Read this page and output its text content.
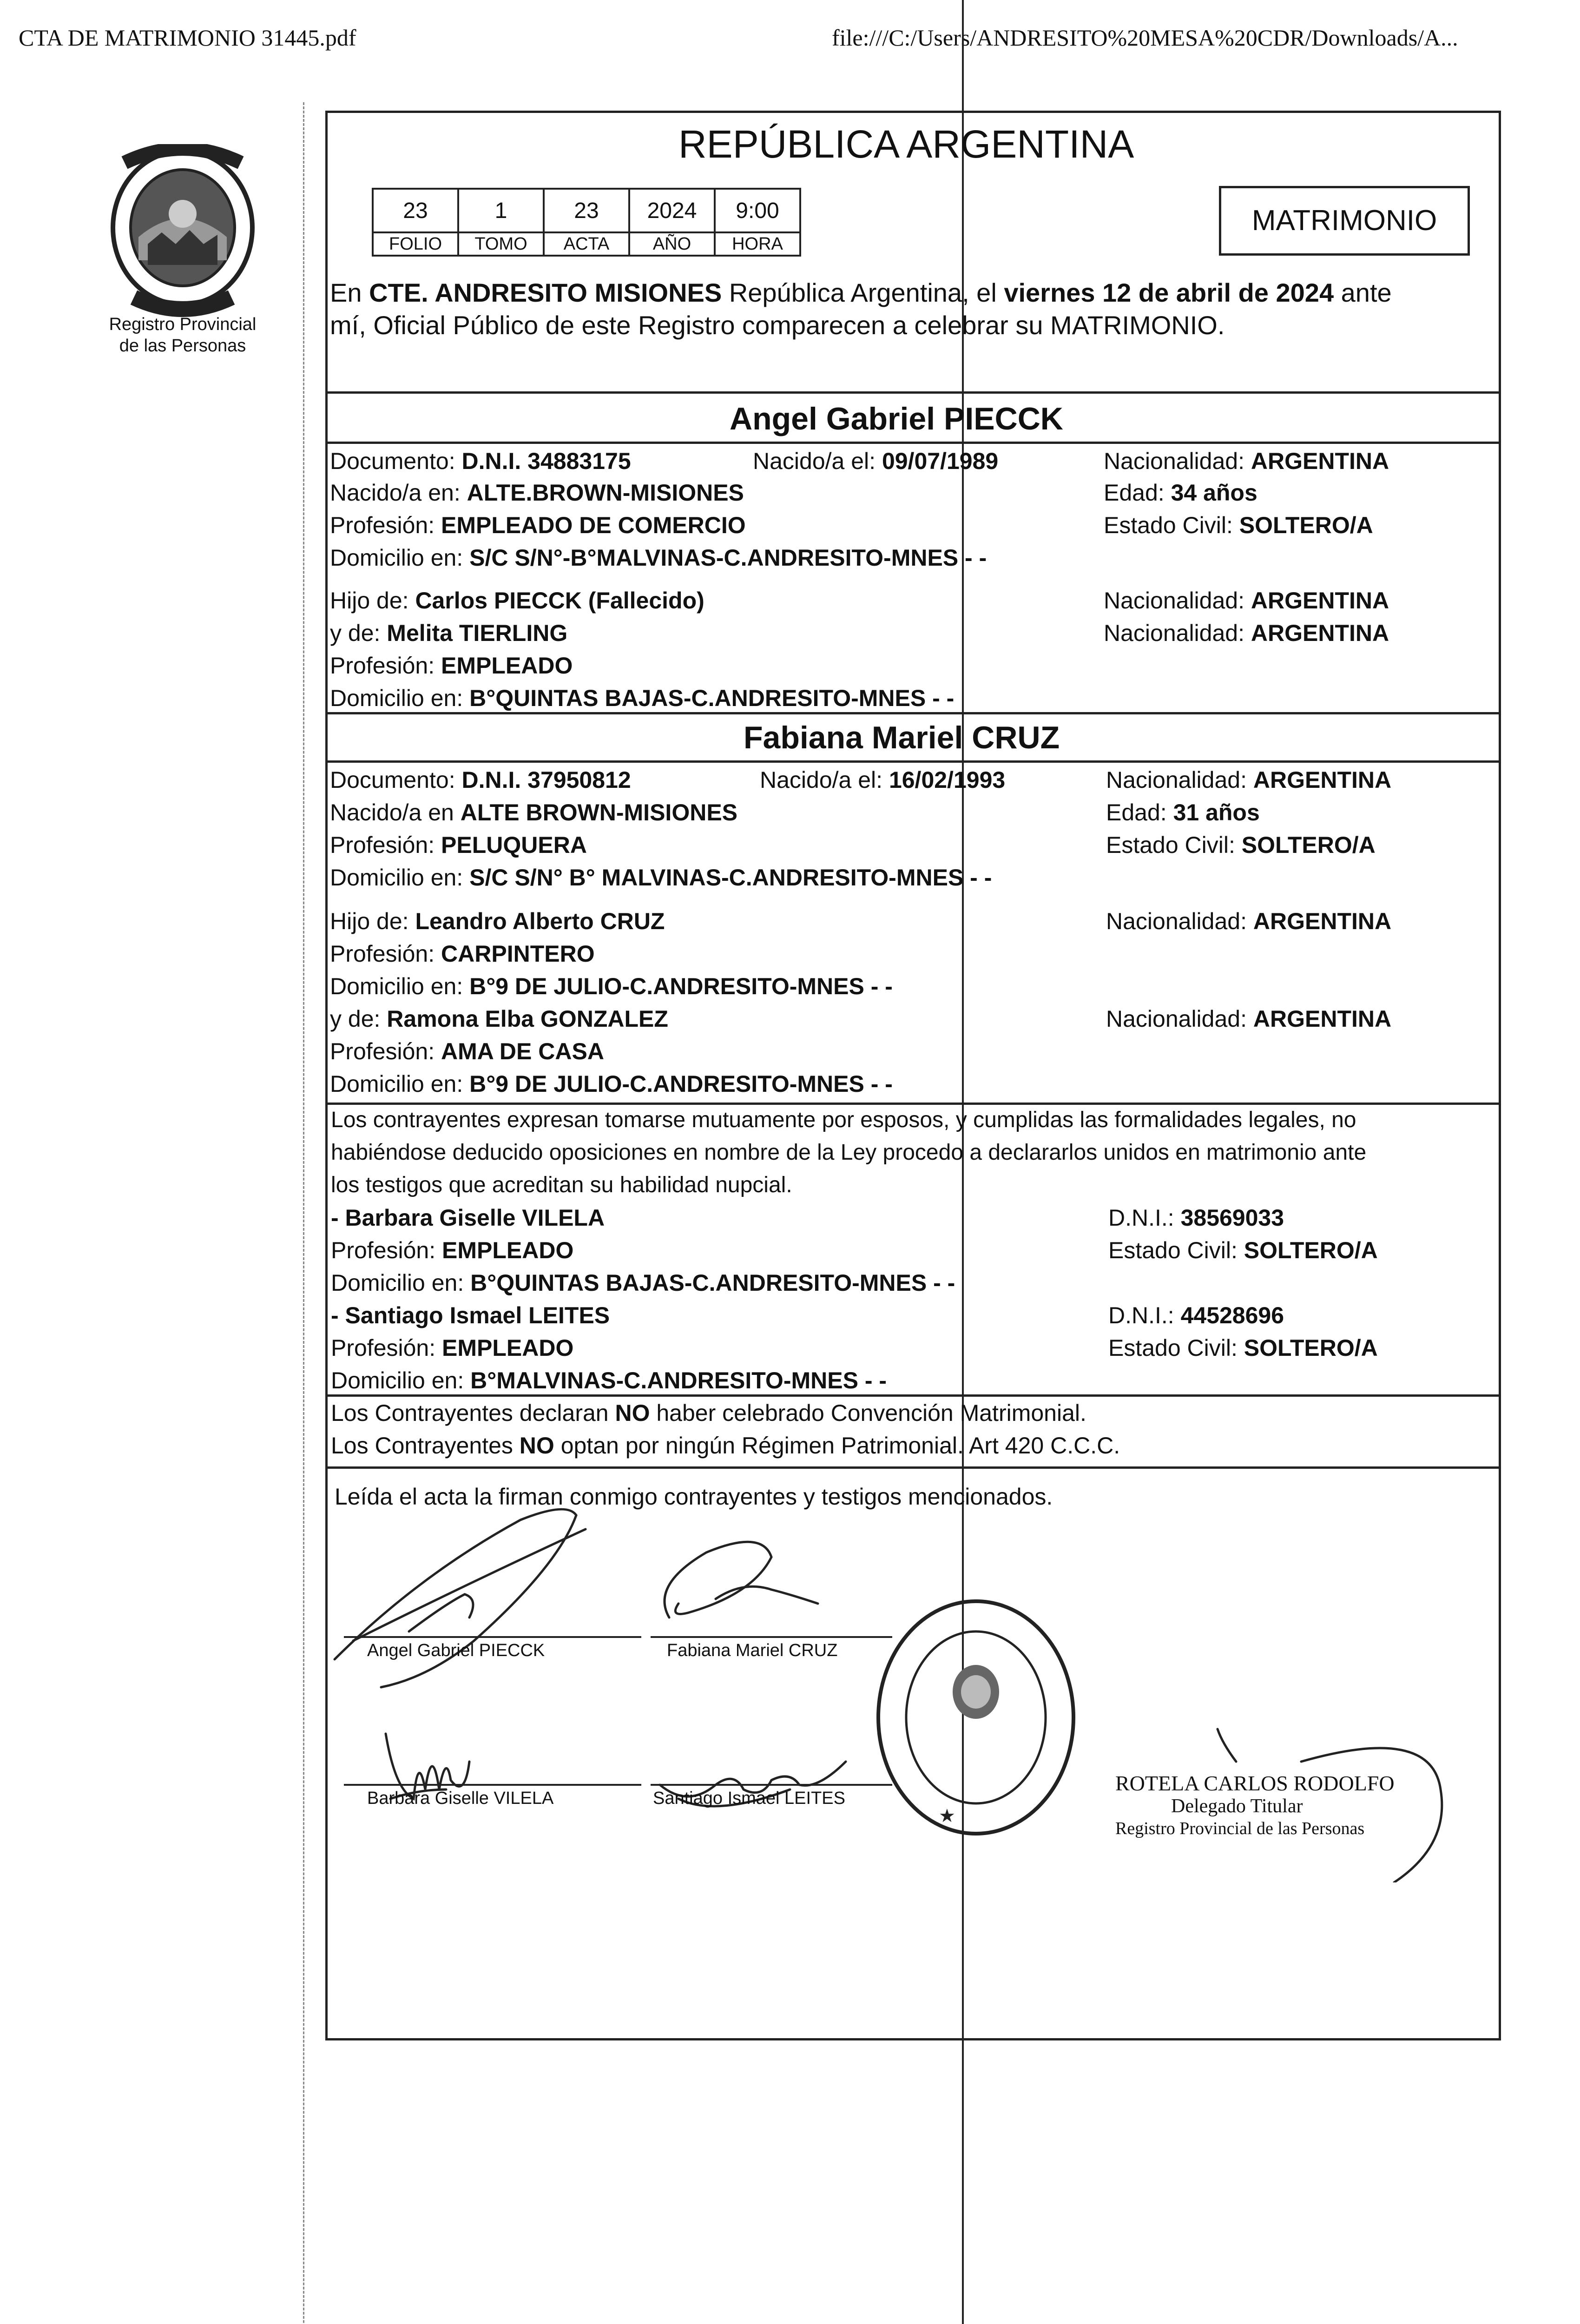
CTA DE MATRIMONIO 31445.pdf	file:///C:/Users/ANDRESITO%20MESA%20CDR/Downloads/A...
Registro Provincial
de las Personas
REPÚBLICA ARGENTINA
23	1	23	2024	9:00
FOLIO	TOMO	ACTA	AÑO	HORA
MATRIMONIO
En CTE. ANDRESITO MISIONES República Argentina, el viernes 12 de abril de 2024 ante
mí, Oficial Público de este Registro comparecen a celebrar su MATRIMONIO.
Angel Gabriel PIECCK
Documento: D.N.I. 34883175	Nacido/a el: 09/07/1989	Nacionalidad: ARGENTINA
Nacido/a en: ALTE.BROWN-MISIONES	Edad: 34 años
Profesión: EMPLEADO DE COMERCIO	Estado Civil: SOLTERO/A
Domicilio en: S/C S/N°-B°MALVINAS-C.ANDRESITO-MNES - -
Hijo de: Carlos PIECCK (Fallecido)	Nacionalidad: ARGENTINA
y de: Melita TIERLING	Nacionalidad: ARGENTINA
Profesión: EMPLEADO
Domicilio en: B°QUINTAS BAJAS-C.ANDRESITO-MNES - -
Fabiana Mariel CRUZ
Documento: D.N.I. 37950812	Nacido/a el: 16/02/1993	Nacionalidad: ARGENTINA
Nacido/a en ALTE BROWN-MISIONES	Edad: 31 años
Profesión: PELUQUERA	Estado Civil: SOLTERO/A
Domicilio en: S/C S/N° B° MALVINAS-C.ANDRESITO-MNES - -
Hijo de: Leandro Alberto CRUZ	Nacionalidad: ARGENTINA
Profesión: CARPINTERO
Domicilio en: B°9 DE JULIO-C.ANDRESITO-MNES - -
y de: Ramona Elba GONZALEZ	Nacionalidad: ARGENTINA
Profesión: AMA DE CASA
Domicilio en: B°9 DE JULIO-C.ANDRESITO-MNES - -
Los contrayentes expresan tomarse mutuamente por esposos, y cumplidas las formalidades legales, no
habiéndose deducido oposiciones en nombre de la Ley procedo a declararlos unidos en matrimonio ante
los testigos que acreditan su habilidad nupcial.
- Barbara Giselle VILELA	D.N.I.: 38569033
Profesión: EMPLEADO	Estado Civil: SOLTERO/A
Domicilio en: B°QUINTAS BAJAS-C.ANDRESITO-MNES - -
- Santiago Ismael LEITES	D.N.I.: 44528696
Profesión: EMPLEADO	Estado Civil: SOLTERO/A
Domicilio en: B°MALVINAS-C.ANDRESITO-MNES - -
Los Contrayentes declaran NO haber celebrado Convención Matrimonial.
Los Contrayentes NO optan por ningún Régimen Patrimonial. Art 420 C.C.C.
Leída el acta la firman conmigo contrayentes y testigos mencionados.
Angel Gabriel PIECCK	Fabiana Mariel CRUZ
Barbara Giselle VILELA	Santiago Ismael LEITES
★
ROTELA CARLOS RODOLFO
Delegado Titular
Registro Provincial de las Personas
